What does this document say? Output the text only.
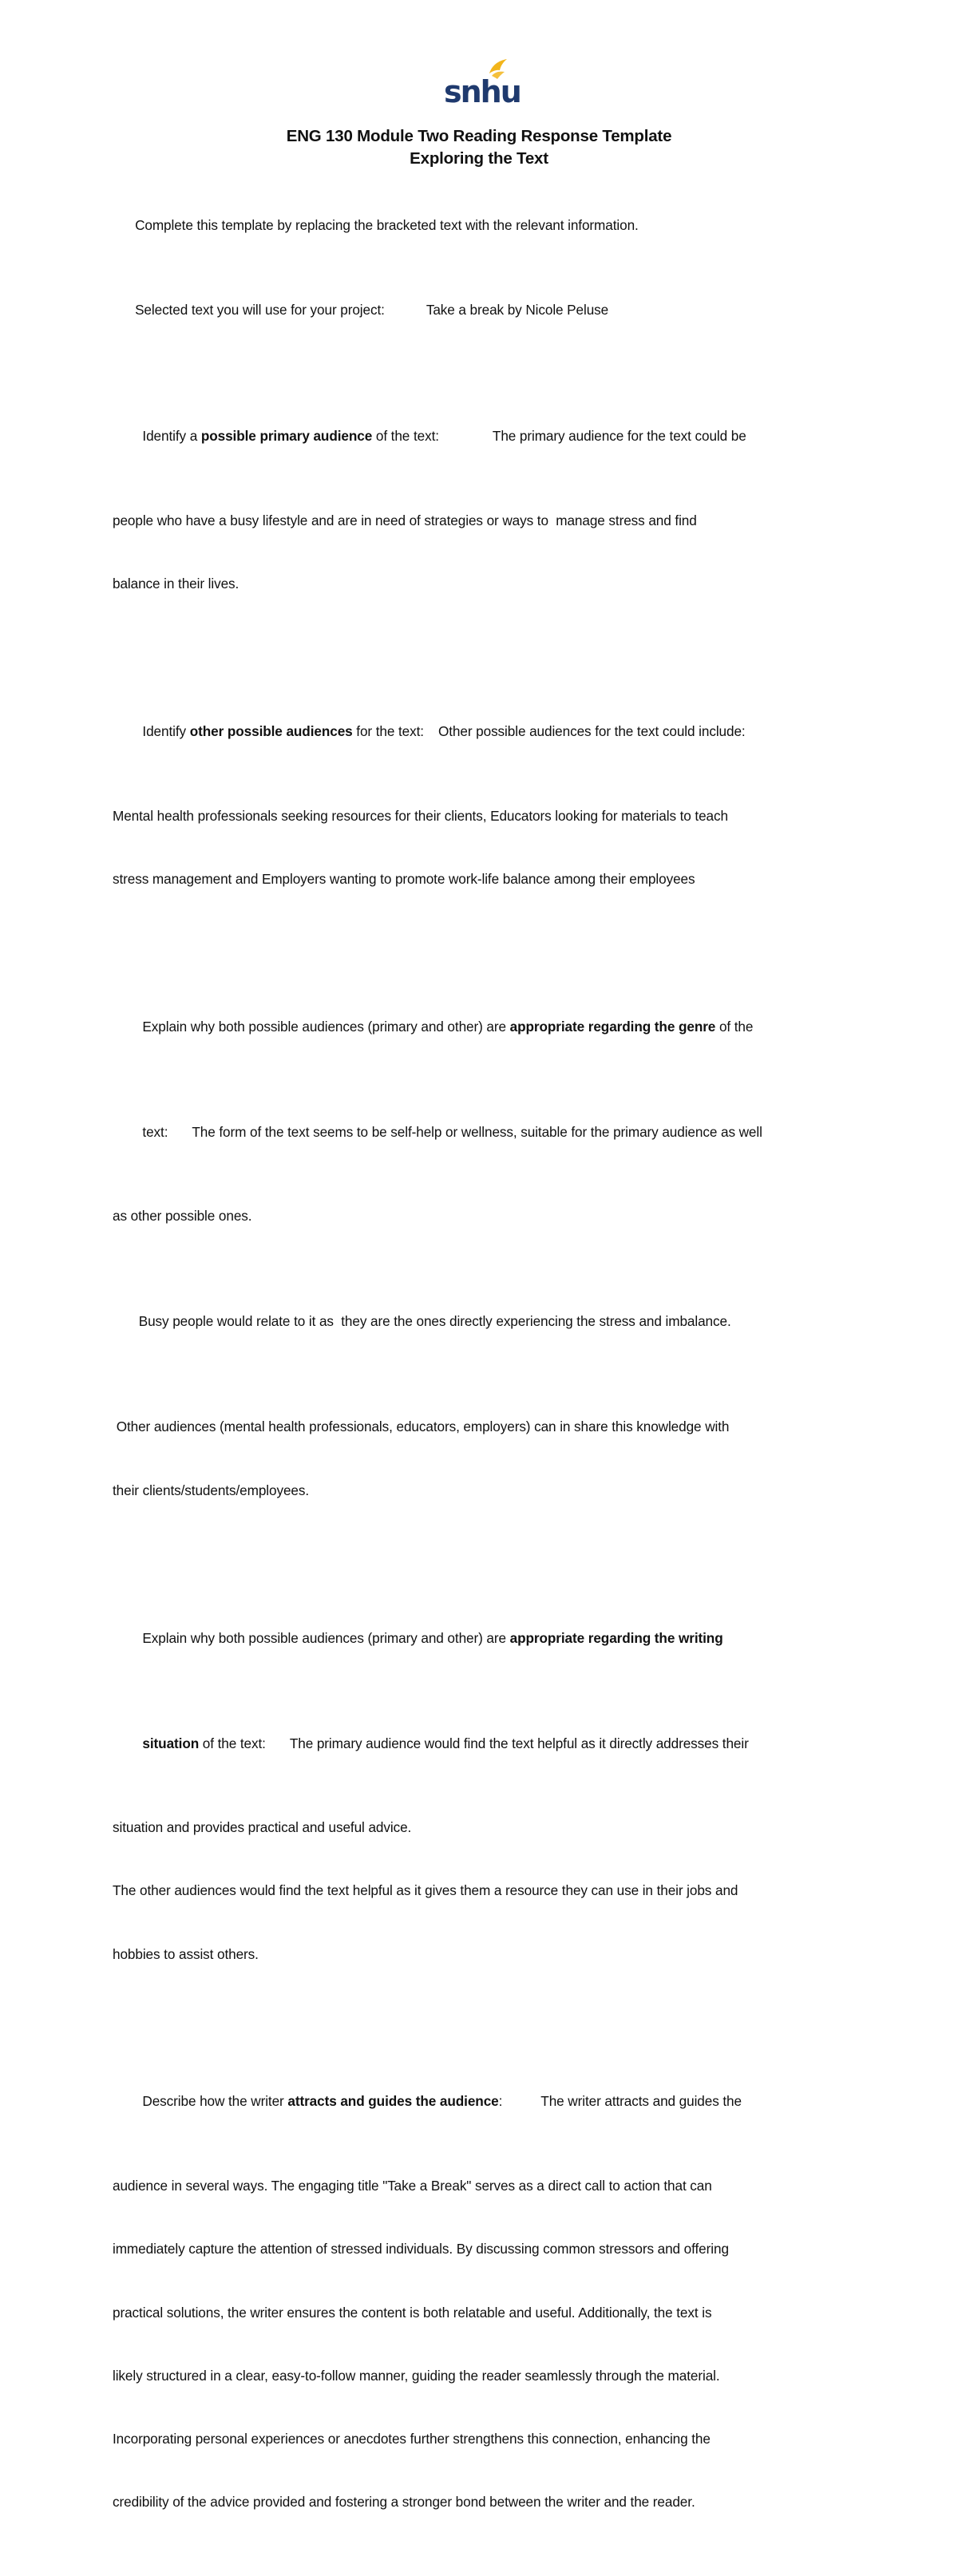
snhu
ENG 130 Module Two Reading Response Template
Exploring the Text

Complete this template by replacing the bracketed text with the relevant information.

Selected text you will use for your project:	Take a break by Nicole Peluse

Identify a possible primary audience of the text:	The primary audience for the text could be

people who have a busy lifestyle and are in need of strategies or ways to  manage stress and find

balance in their lives.

Identify other possible audiences for the text: Other possible audiences for the text could include:

Mental health professionals seeking resources for their clients, Educators looking for materials to teach

stress management and Employers wanting to promote work-life balance among their employees

Explain why both possible audiences (primary and other) are appropriate regarding the genre of the

text: The form of the text seems to be self-help or wellness, suitable for the primary audience as well

as other possible ones.

Busy people would relate to it as  they are the ones directly experiencing the stress and imbalance.

Other audiences (mental health professionals, educators, employers) can in share this knowledge with

their clients/students/employees.

Explain why both possible audiences (primary and other) are appropriate regarding the writing

situation of the text: The primary audience would find the text helpful as it directly addresses their

situation and provides practical and useful advice.

The other audiences would find the text helpful as it gives them a resource they can use in their jobs and

hobbies to assist others.

Describe how the writer attracts and guides the audience:	The writer attracts and guides the

audience in several ways. The engaging title "Take a Break" serves as a direct call to action that can

immediately capture the attention of stressed individuals. By discussing common stressors and offering

practical solutions, the writer ensures the content is both relatable and useful. Additionally, the text is

likely structured in a clear, easy-to-follow manner, guiding the reader seamlessly through the material.

Incorporating personal experiences or anecdotes further strengthens this connection, enhancing the

credibility of the advice provided and fostering a stronger bond between the writer and the reader.
